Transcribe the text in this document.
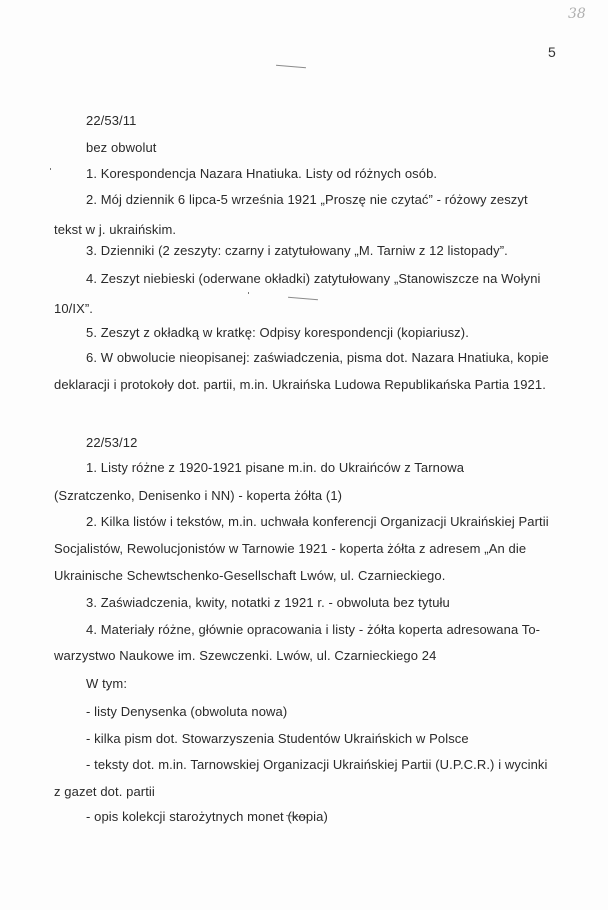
38
5
22/53/11
bez obwolut
1. Korespondencja Nazara Hnatiuka. Listy od różnych osób.
2. Mój dziennik 6 lipca-5 września 1921 „Proszę nie czytać” - różowy zeszyt
tekst w j. ukraińskim.
3. Dzienniki (2 zeszyty: czarny i zatytułowany „M. Tarniw z 12 listopady”.
4. Zeszyt niebieski (oderwane okładki) zatytułowany „Stanowiszcze na Wołyni
10/IX”.
5. Zeszyt z okładką w kratkę: Odpisy korespondencji (kopiariusz).
6. W obwolucie nieopisanej: zaświadczenia, pisma dot. Nazara Hnatiuka, kopie
deklaracji i protokoły dot. partii, m.in. Ukraińska Ludowa Republikańska Partia 1921.
22/53/12
1. Listy różne z 1920-1921 pisane m.in. do Ukraińców z Tarnowa
(Szratczenko, Denisenko i NN) - koperta żółta (1)
2. Kilka listów i tekstów, m.in. uchwała konferencji Organizacji Ukraińskiej Partii
Socjalistów, Rewolucjonistów w Tarnowie 1921 - koperta żółta z adresem „An die
Ukrainische Schewtschenko-Gesellschaft Lwów, ul. Czarnieckiego.
3. Zaświadczenia, kwity, notatki z 1921 r. - obwoluta bez tytułu
4. Materiały różne, głównie opracowania i listy - żółta koperta adresowana To-
warzystwo Naukowe im. Szewczenki. Lwów, ul. Czarnieckiego 24
W tym:
- listy Denysenka (obwoluta nowa)
- kilka pism dot. Stowarzyszenia Studentów Ukraińskich w Polsce
- teksty dot. m.in. Tarnowskiej Organizacji Ukraińskiej Partii (U.P.C.R.) i wycinki
z gazet dot. partii
- opis kolekcji starożytnych monet (kopia)
